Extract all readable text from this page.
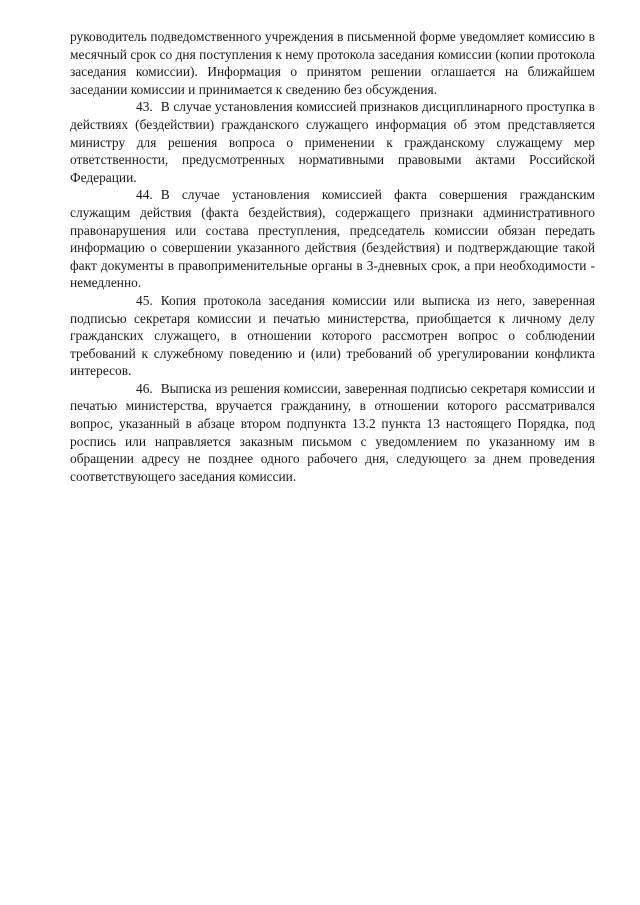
руководитель подведомственного учреждения в письменной форме уведомляет комиссию в месячный срок со дня поступления к нему протокола заседания комиссии (копии протокола заседания комиссии). Информация о принятом решении оглашается на ближайшем заседании комиссии и принимается к сведению без обсуждения.

43. В случае установления комиссией признаков дисциплинарного проступка в действиях (бездействии) гражданского служащего информация об этом представляется министру для решения вопроса о применении к гражданскому служащему мер ответственности, предусмотренных нормативными правовыми актами Российской Федерации.

44. В случае установления комиссией факта совершения гражданским служащим действия (факта бездействия), содержащего признаки административного правонарушения или состава преступления, председатель комиссии обязан передать информацию о совершении указанного действия (бездействия) и подтверждающие такой факт документы в правоприменительные органы в 3-дневных срок, а при необходимости - немедленно.

45. Копия протокола заседания комиссии или выписка из него, заверенная подписью секретаря комиссии и печатью министерства, приобщается к личному делу гражданских служащего, в отношении которого рассмотрен вопрос о соблюдении требований к служебному поведению и (или) требований об урегулировании конфликта интересов.

46. Выписка из решения комиссии, заверенная подписью секретаря комиссии и печатью министерства, вручается гражданину, в отношении которого рассматривался вопрос, указанный в абзаце втором подпункта 13.2 пункта 13 настоящего Порядка, под роспись или направляется заказным письмом с уведомлением по указанному им в обращении адресу не позднее одного рабочего дня, следующего за днем проведения соответствующего заседания комиссии.
